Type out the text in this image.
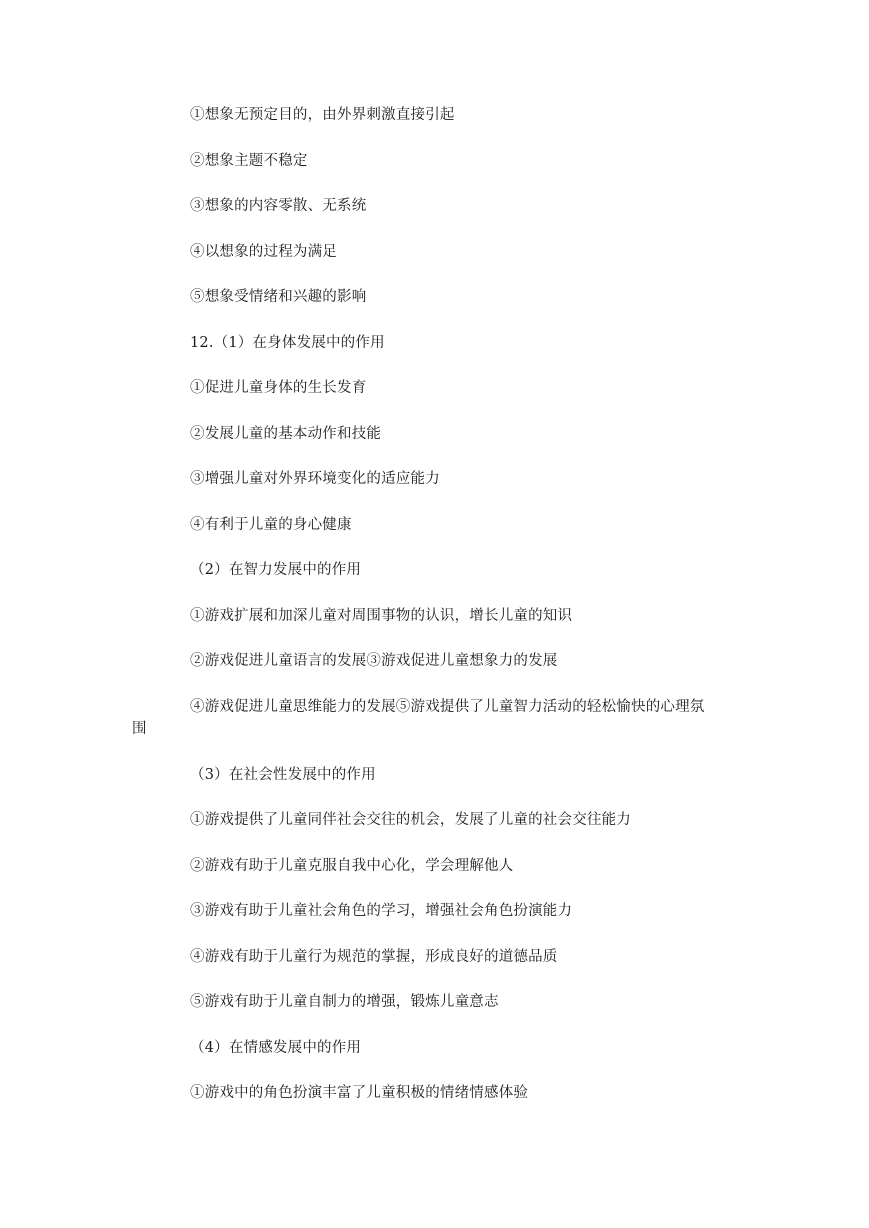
①想象无预定目的，由外界刺激直接引起
②想象主题不稳定
③想象的内容零散、无系统
④以想象的过程为满足
⑤想象受情绪和兴趣的影响
12.（1）在身体发展中的作用
①促进儿童身体的生长发育
②发展儿童的基本动作和技能
③增强儿童对外界环境变化的适应能力
④有利于儿童的身心健康
（2）在智力发展中的作用
①游戏扩展和加深儿童对周围事物的认识，增长儿童的知识
②游戏促进儿童语言的发展③游戏促进儿童想象力的发展
④游戏促进儿童思维能力的发展⑤游戏提供了儿童智力活动的轻松愉快的心理氛
围
（3）在社会性发展中的作用
①游戏提供了儿童同伴社会交往的机会，发展了儿童的社会交往能力
②游戏有助于儿童克服自我中心化，学会理解他人
③游戏有助于儿童社会角色的学习，增强社会角色扮演能力
④游戏有助于儿童行为规范的掌握，形成良好的道德品质
⑤游戏有助于儿童自制力的增强，锻炼儿童意志
（4）在情感发展中的作用
①游戏中的角色扮演丰富了儿童积极的情绪情感体验
